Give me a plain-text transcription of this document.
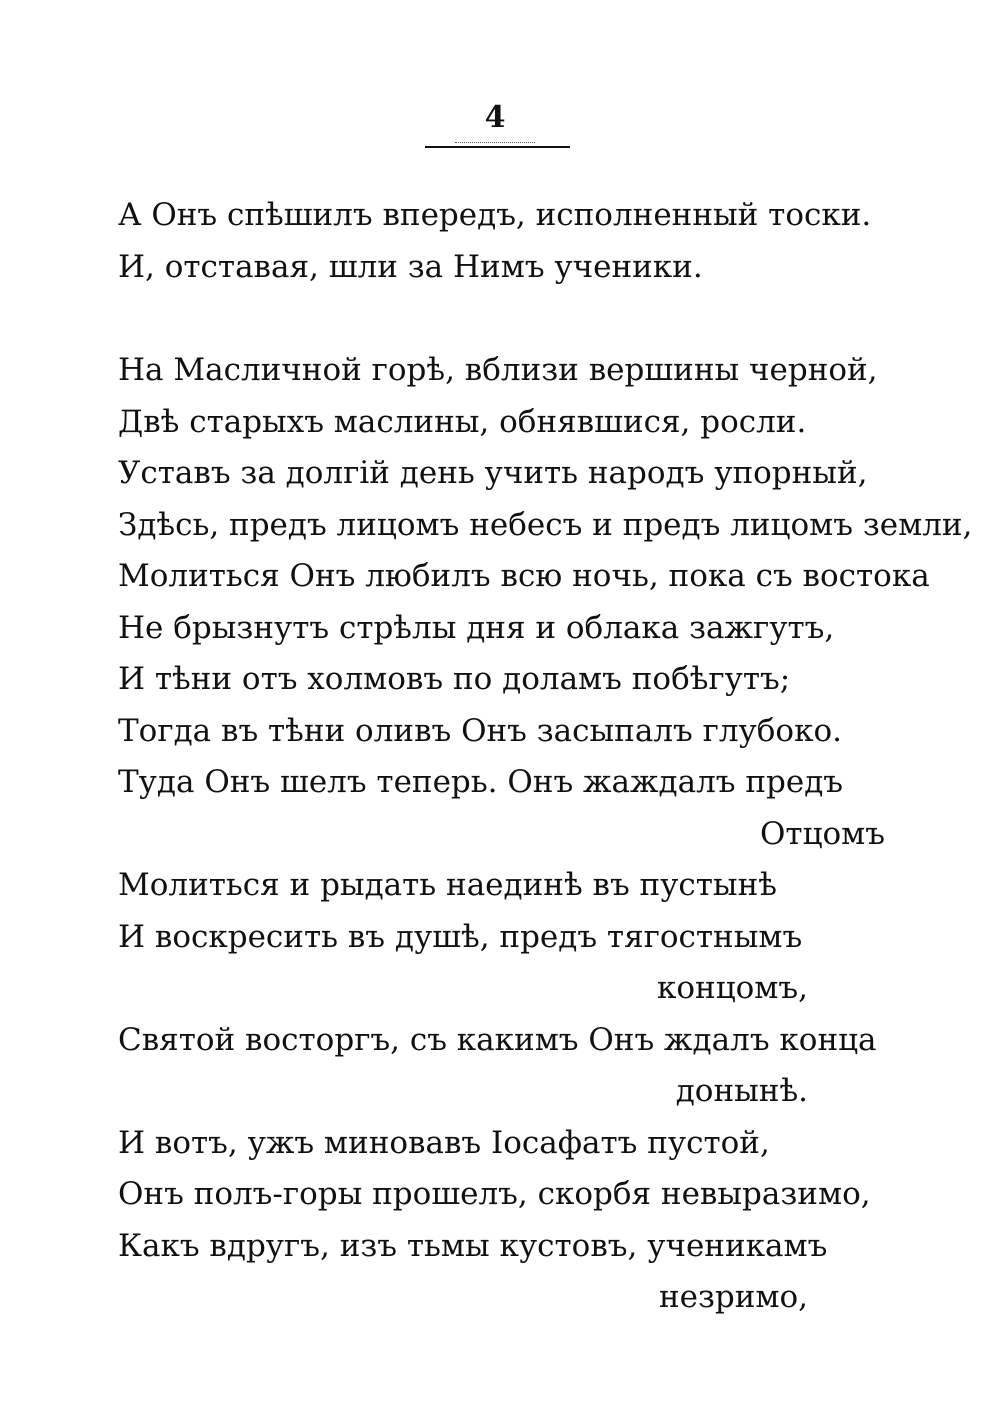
4
А Онъ спѣшилъ впередъ, исполненный тоски.
И, отставая, шли за Нимъ ученики.
На Масличной горѣ, вблизи вершины черной,
Двѣ старыхъ маслины, обнявшися, росли.
Уставъ за долгій день учить народъ упорный,
Здѣсь, предъ лицомъ небесъ и предъ лицомъ земли,
Молиться Онъ любилъ всю ночь, пока съ востока
Не брызнутъ стрѣлы дня и облака зажгутъ,
И тѣни отъ холмовъ по доламъ побѣгутъ;
Тогда въ тѣни оливъ Онъ засыпалъ глубоко.
Туда Онъ шелъ теперь. Онъ жаждалъ предъ
Отцомъ
Молиться и рыдать наединѣ въ пустынѣ
И воскресить въ душѣ, предъ тягостнымъ
концомъ,
Святой восторгъ, съ какимъ Онъ ждалъ конца
донынѣ.
И вотъ, ужъ миновавъ Іосафатъ пустой,
Онъ полъ-горы прошелъ, скорбя невыразимо,
Какъ вдругъ, изъ тьмы кустовъ, ученикамъ
незримо,
